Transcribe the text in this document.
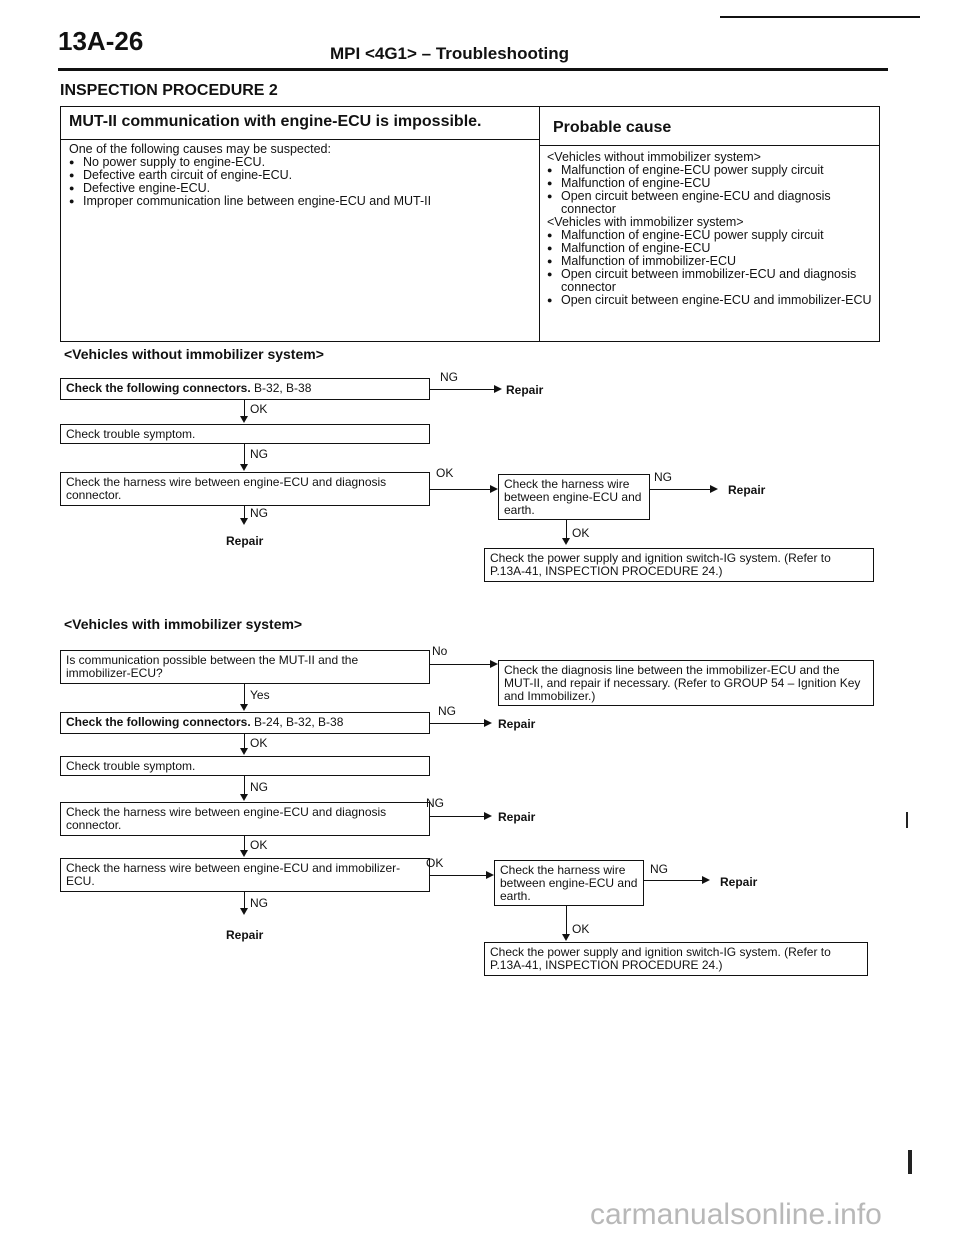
13A-26	MPI <4G1> – Troubleshooting
INSPECTION PROCEDURE 2
MUT-II communication with engine-ECU is impossible.	Probable cause
One of the following causes may be suspected:
● No power supply to engine-ECU.
● Defective earth circuit of engine-ECU.
● Defective engine-ECU.
● Improper communication line between engine-ECU and MUT-II
<Vehicles without immobilizer system>
● Malfunction of engine-ECU power supply circuit
● Malfunction of engine-ECU
● Open circuit between engine-ECU and diagnosis connector
<Vehicles with immobilizer system>
● Malfunction of engine-ECU power supply circuit
● Malfunction of engine-ECU
● Malfunction of immobilizer-ECU
● Open circuit between immobilizer-ECU and diagnosis connector
● Open circuit between engine-ECU and immobilizer-ECU
<Vehicles without immobilizer system>
Check the following connectors. B-32, B-38
NG
Repair
OK
Check trouble symptom.
NG
Check the harness wire between engine-ECU and diagnosis connector.
OK
NG
Repair
Check the harness wire between engine-ECU and earth.
NG
Repair
OK
Check the power supply and ignition switch-IG system. (Refer to P.13A-41, INSPECTION PROCEDURE 24.)
<Vehicles with immobilizer system>
Is communication possible between the MUT-II and the immobilizer-ECU?
No
Check the diagnosis line between the immobilizer-ECU and the MUT-II, and repair if necessary. (Refer to GROUP 54 – Ignition Key and Immobilizer.)
Yes
Check the following connectors. B-24, B-32, B-38
NG
Repair
OK
Check trouble symptom.
NG
Check the harness wire between engine-ECU and diagnosis connector.
NG
Repair
OK
Check the harness wire between engine-ECU and immobilizer-ECU.
OK
NG
Repair
Check the harness wire between engine-ECU and earth.
NG
Repair
OK
Check the power supply and ignition switch-IG system. (Refer to P.13A-41, INSPECTION PROCEDURE 24.)
carmanualsonline.info
